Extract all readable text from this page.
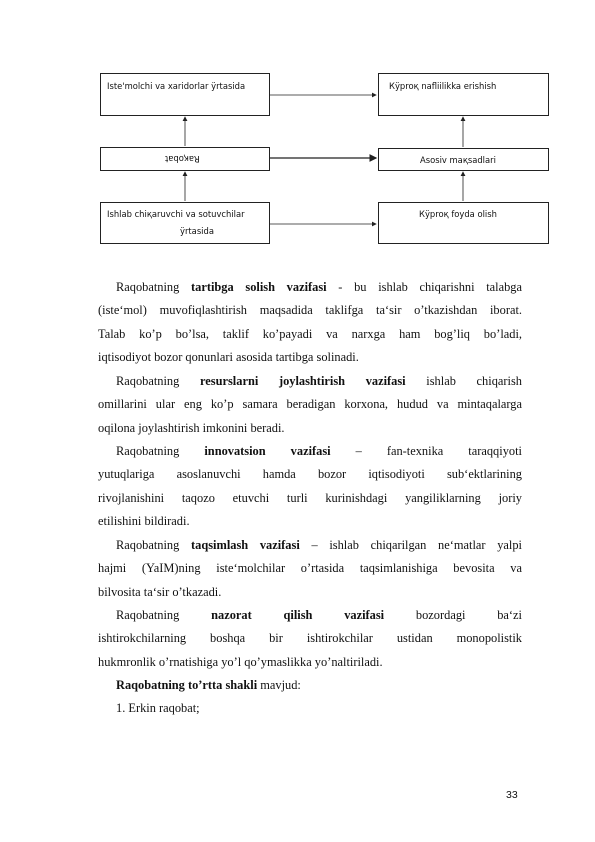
Iste'molchi va xaridorlar ÿrtasida
Raқobat
Ishlab chiқaruvchi va sotuvchilar
ÿrtasida
Кÿproқ nafliilikka erishish
Asosiv maқsadlari
Кÿproқ foyda olish
Raqobatning tartibga solish vazifasi - bu ishlab chiqarishni talabga
(iste‘mol) muvofiqlashtirish maqsadida taklifga ta‘sir o’tkazishdan iborat.
Talab ko’p bo’lsa, taklif ko’payadi va narxga ham bog’liq bo’ladi,
iqtisodiyot bozor qonunlari asosida tartibga solinadi.
Raqobatning resurslarni joylashtirish vazifasi ishlab chiqarish
omillarini ular eng ko’p samara beradigan korxona, hudud va mintaqalarga
oqilona joylashtirish imkonini beradi.
Raqobatning innovatsion vazifasi – fan-texnika taraqqiyoti
yutuqlariga asoslanuvchi hamda bozor iqtisodiyoti sub‘ektlarining
rivojlanishini taqozo etuvchi turli kurinishdagi yangiliklarning joriy
etilishini bildiradi.
Raqobatning taqsimlash vazifasi – ishlab chiqarilgan ne‘matlar yalpi
hajmi (YaIM)ning iste‘molchilar o’rtasida taqsimlanishiga bevosita va
bilvosita ta‘sir o’tkazadi.
Raqobatning	nazorat qilish vazifasi	bozordagi ba‘zi
ishtirokchilarning boshqa bir ishtirokchilar ustidan monopolistik
hukmronlik o’rnatishiga yo’l qo’ymaslikka yo’naltiriladi.
Raqobatning to’rtta shakli mavjud:
1. Erkin raqobat;
33
